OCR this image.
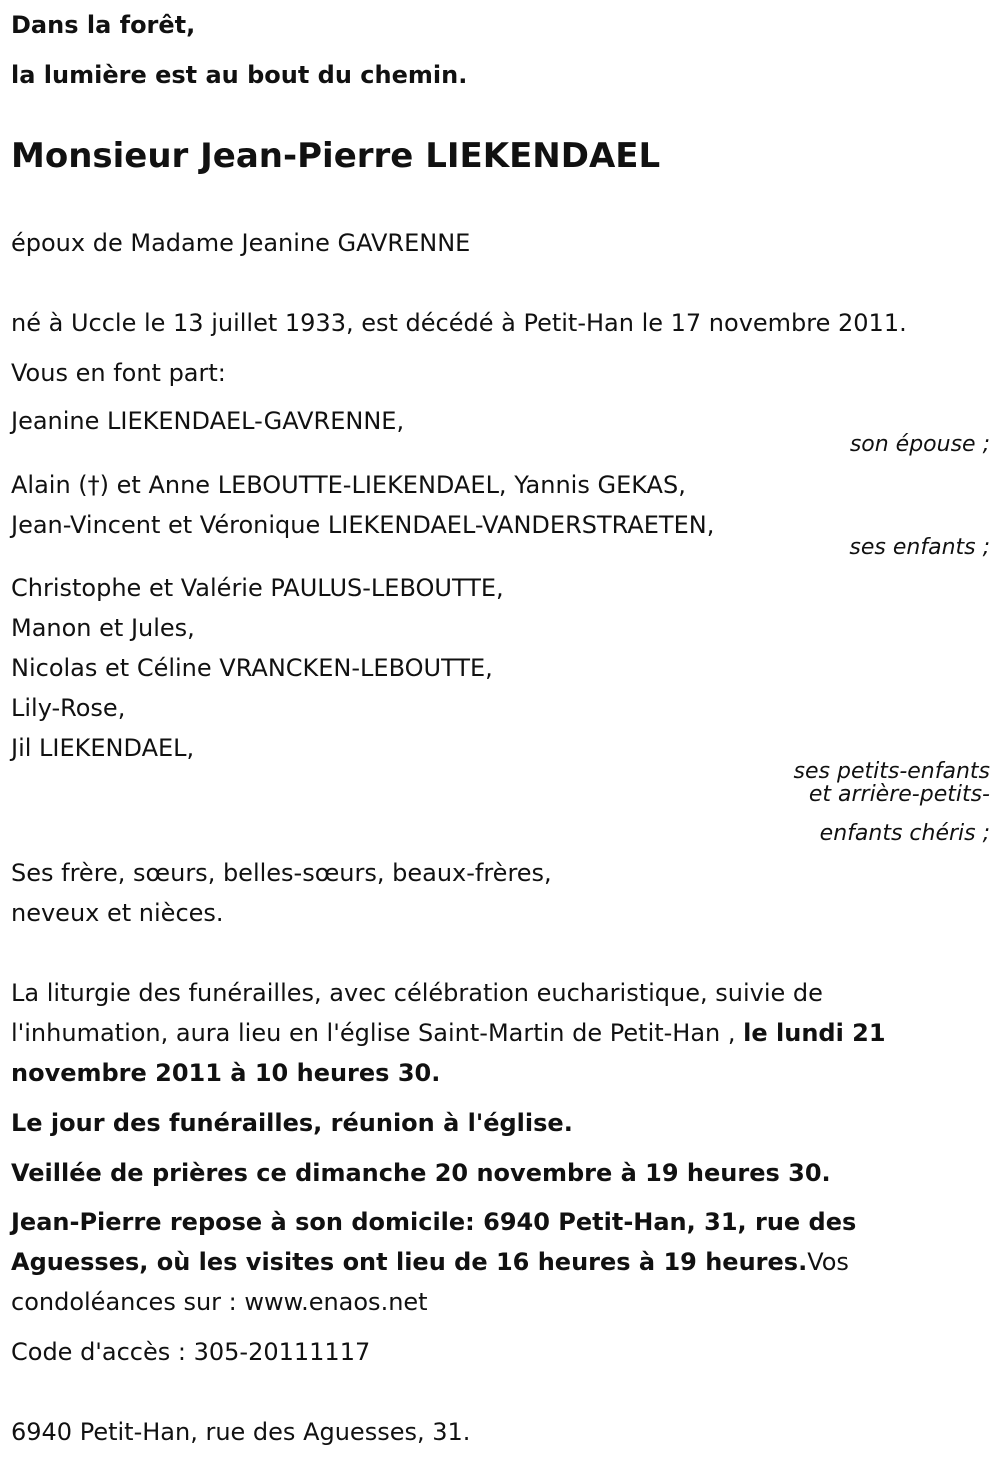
Dans la forêt,
la lumière est au bout du chemin.
Monsieur Jean-Pierre LIEKENDAEL
époux de Madame Jeanine GAVRENNE
né à Uccle le 13 juillet 1933, est décédé à Petit-Han le 17 novembre 2011.
Vous en font part:
Jeanine LIEKENDAEL-GAVRENNE,
son épouse ;
Alain (†) et Anne LEBOUTTE-LIEKENDAEL, Yannis GEKAS,
Jean-Vincent et Véronique LIEKENDAEL-VANDERSTRAETEN,
ses enfants ;
Christophe et Valérie PAULUS-LEBOUTTE,
Manon et Jules,
Nicolas et Céline VRANCKEN-LEBOUTTE,
Lily-Rose,
Jil LIEKENDAEL,
ses petits-enfants
et arrière-petits-
enfants chéris ;
Ses frère, sœurs, belles-sœurs, beaux-frères,
neveux et nièces.
La liturgie des funérailles, avec célébration eucharistique, suivie de
l'inhumation, aura lieu en l'église Saint-Martin de Petit-Han , le lundi 21
novembre 2011 à 10 heures 30.
Le jour des funérailles, réunion à l'église.
Veillée de prières ce dimanche 20 novembre à 19 heures 30.
Jean-Pierre repose à son domicile: 6940 Petit-Han, 31, rue des
Aguesses, où les visites ont lieu de 16 heures à 19 heures.Vos
condoléances sur : www.enaos.net
Code d'accès : 305-20111117
6940 Petit-Han, rue des Aguesses, 31.
